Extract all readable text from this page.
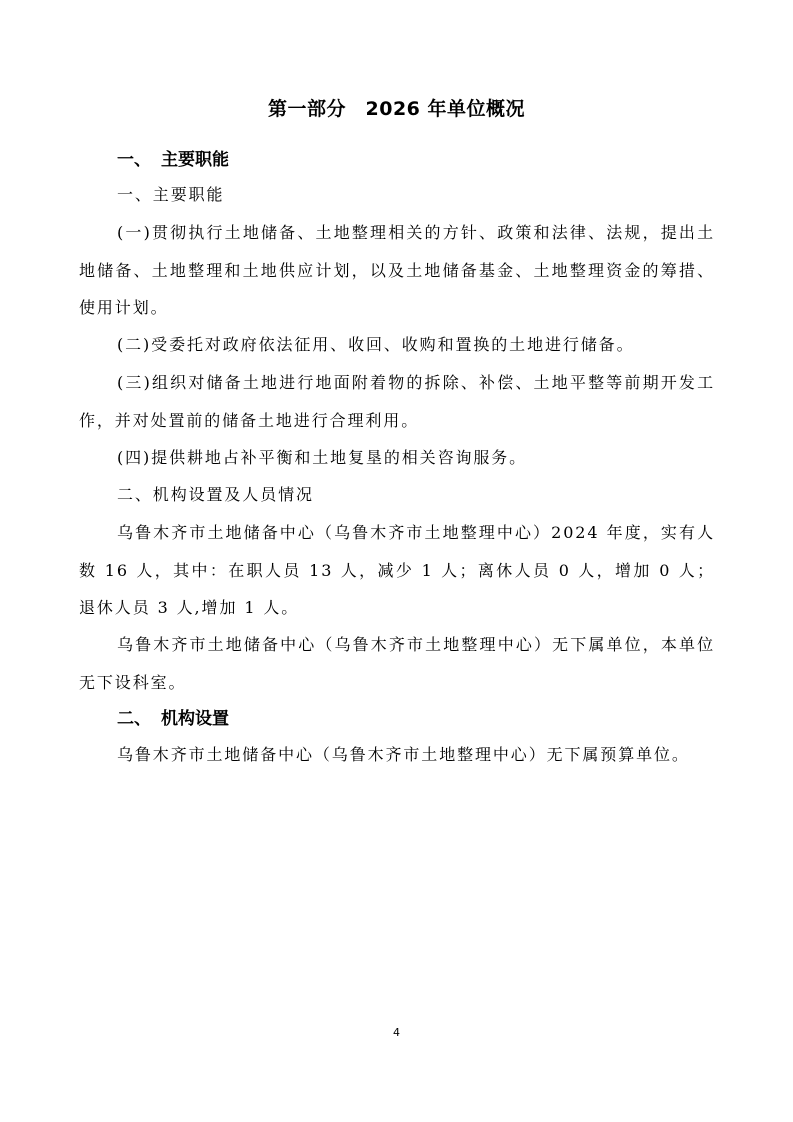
第一部分　2026 年单位概况
一、 主要职能

一、主要职能

(一)贯彻执行土地储备、土地整理相关的方针、政策和法律、法规，提出土地储备、土地整理和土地供应计划，以及土地储备基金、土地整理资金的筹措、使用计划。

(二)受委托对政府依法征用、收回、收购和置换的土地进行储备。

(三)组织对储备土地进行地面附着物的拆除、补偿、土地平整等前期开发工作，并对处置前的储备土地进行合理利用。

(四)提供耕地占补平衡和土地复垦的相关咨询服务。

二、机构设置及人员情况

乌鲁木齐市土地储备中心（乌鲁木齐市土地整理中心）2024 年度，实有人数 16 人，其中：在职人员 13 人，减少 1 人；离休人员 0 人，增加 0 人；退休人员 3 人,增加 1 人。

乌鲁木齐市土地储备中心（乌鲁木齐市土地整理中心）无下属单位，本单位无下设科室。

二、 机构设置

乌鲁木齐市土地储备中心（乌鲁木齐市土地整理中心）无下属预算单位。

4
